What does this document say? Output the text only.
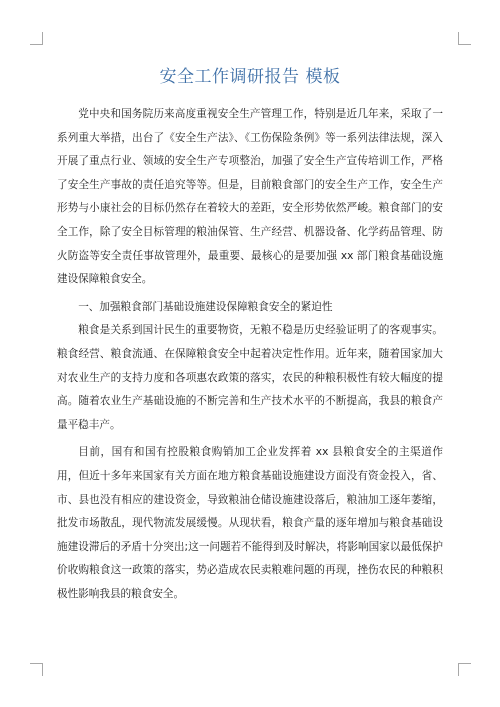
安全工作调研报告 模板

党中央和国务院历来高度重视安全生产管理工作，特别是近几年来，采取了一系列重大举措，出台了《安全生产法》、《工伤保险条例》等一系列法律法规，深入开展了重点行业、领域的安全生产专项整治，加强了安全生产宣传培训工作，严格了安全生产事故的责任追究等等。但是，目前粮食部门的安全生产工作，安全生产形势与小康社会的目标仍然存在着较大的差距，安全形势依然严峻。粮食部门的安全工作，除了安全目标管理的粮油保管、生产经营、机器设备、化学药品管理、防火防盗等安全责任事故管理外，最重要、最核心的是要加强 xx 部门粮食基础设施建设保障粮食安全。

一、加强粮食部门基础设施建设保障粮食安全的紧迫性

粮食是关系到国计民生的重要物资，无粮不稳是历史经验证明了的客观事实。粮食经营、粮食流通、在保障粮食安全中起着决定性作用。近年来，随着国家加大对农业生产的支持力度和各项惠农政策的落实，农民的种粮积极性有较大幅度的提高。随着农业生产基础设施的不断完善和生产技术水平的不断提高，我县的粮食产量平稳丰产。

目前，国有和国有控股粮食购销加工企业发挥着 xx 县粮食安全的主渠道作用，但近十多年来国家有关方面在地方粮食基础设施建设方面没有资金投入，省、市、县也没有相应的建设资金，导致粮油仓储设施建设落后，粮油加工逐年萎缩，批发市场散乱，现代物流发展缓慢。从现状看，粮食产量的逐年增加与粮食基础设施建设滞后的矛盾十分突出;这一问题若不能得到及时解决，将影响国家以最低保护价收购粮食这一政策的落实，势必造成农民卖粮难问题的再现，挫伤农民的种粮积极性影响我县的粮食安全。
